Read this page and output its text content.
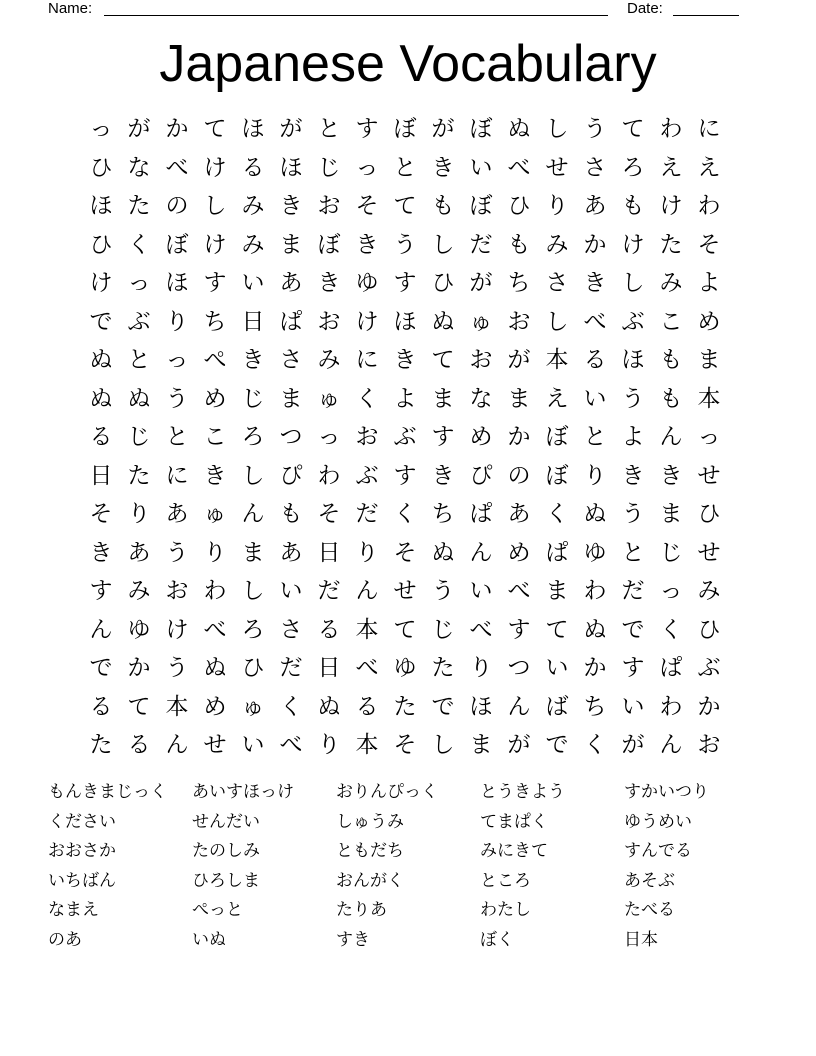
Name:	Date:
Japanese Vocabulary
っ が か て ほ が と す ぼ が ぼ ぬ し う て わ に
ひ な べ け る ほ じ っ と き い べ せ さ ろ え え
ほ た の し み き お そ て も ぼ ひ り あ も け わ
ひ く ぼ け み ま ぼ き う し だ も み か け た そ
け っ ほ す い あ き ゆ す ひ が ち さ き し み よ
で ぶ り ち 日 ぱ お け ほ ぬ ゅ お し べ ぶ こ め
ぬ と っ ぺ き さ み に き て お が 本 る ほ も ま
ぬ ぬ う め じ ま ゅ く よ ま な ま え い う も 本
る じ と こ ろ つ っ お ぶ す め か ぼ と よ ん っ
日 た に き し ぴ わ ぶ す き ぴ の ぼ り き き せ
そ り あ ゅ ん も そ だ く ち ぱ あ く ぬ う ま ひ
き あ う り ま あ 日 り そ ぬ ん め ぱ ゆ と じ せ
す み お わ し い だ ん せ う い べ ま わ だ っ み
ん ゆ け べ ろ さ る 本 て じ べ す て ぬ で く ひ
で か う ぬ ひ だ 日 べ ゆ た り つ い か す ぱ ぶ
る て 本 め ゅ く ぬ る た で ほ ん ば ち い わ か
た る ん せ い べ り 本 そ し ま が で く が ん お
もんきまじっく	あいすほっけ	おりんぴっく	とうきよう	すかいつり
ください	せんだい	しゅうみ	てまぱく	ゆうめい
おおさか	たのしみ	ともだち	みにきて	すんでる
いちばん	ひろしま	おんがく	ところ	あそぶ
なまえ	ぺっと	たりあ	わたし	たべる
のあ	いぬ	すき	ぼく	日本
